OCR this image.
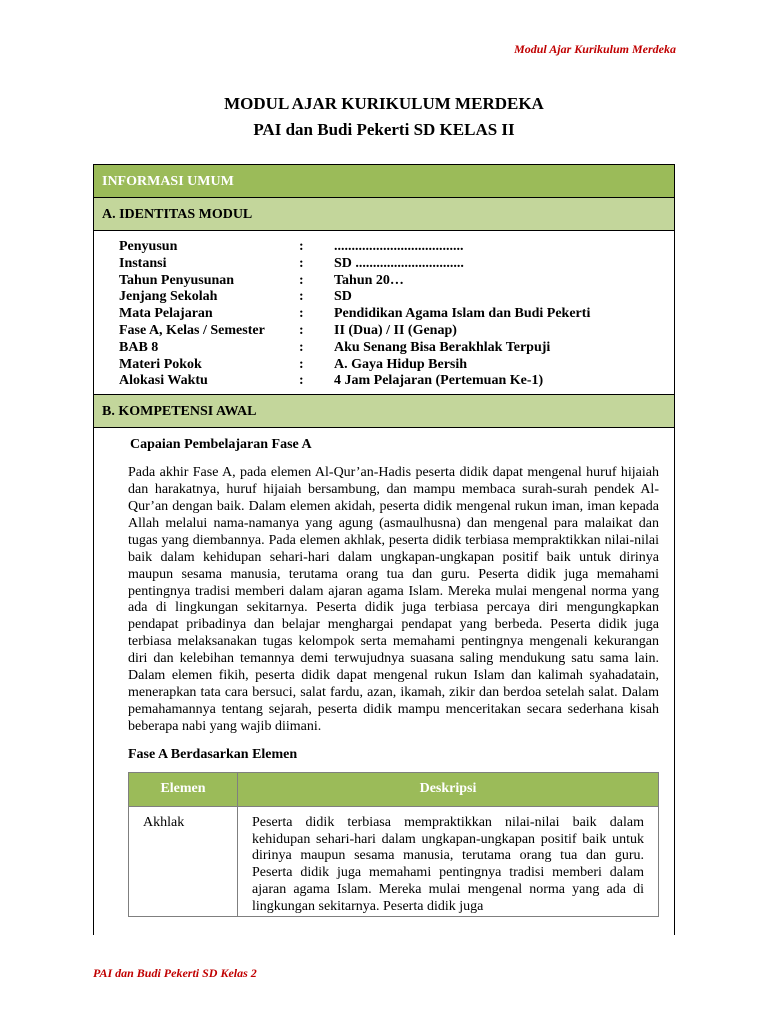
Modul Ajar Kurikulum Merdeka
MODUL AJAR KURIKULUM MERDEKA
PAI dan Budi Pekerti SD KELAS II
INFORMASI UMUM
A. IDENTITAS MODUL
Penyusun	:	.....................................
Instansi	:	SD ...............................
Tahun Penyusunan	:	Tahun 20…
Jenjang Sekolah	:	SD
Mata Pelajaran	:	Pendidikan Agama Islam dan Budi Pekerti
Fase A, Kelas / Semester	:	II (Dua) / II (Genap)
BAB 8	:	Aku Senang Bisa Berakhlak Terpuji
Materi Pokok	:	A. Gaya Hidup Bersih
Alokasi Waktu	:	4 Jam Pelajaran (Pertemuan Ke-1)
B. KOMPETENSI AWAL
Capaian Pembelajaran Fase A
Pada akhir Fase A, pada elemen Al-Qur’an-Hadis peserta didik dapat mengenal huruf hijaiah dan harakatnya, huruf hijaiah bersambung, dan mampu membaca surah-surah pendek Al-Qur’an dengan baik. Dalam elemen akidah, peserta didik mengenal rukun iman, iman kepada Allah melalui nama-namanya yang agung (asmaulhusna) dan mengenal para malaikat dan tugas yang diembannya. Pada elemen akhlak, peserta didik terbiasa mempraktikkan nilai-nilai baik dalam kehidupan sehari-hari dalam ungkapan-ungkapan positif baik untuk dirinya maupun sesama manusia, terutama orang tua dan guru. Peserta didik juga memahami pentingnya tradisi memberi dalam ajaran agama Islam. Mereka mulai mengenal norma yang ada di lingkungan sekitarnya. Peserta didik juga terbiasa percaya diri mengungkapkan pendapat pribadinya dan belajar menghargai pendapat yang berbeda. Peserta didik juga terbiasa melaksanakan tugas kelompok serta memahami pentingnya mengenali kekurangan diri dan kelebihan temannya demi terwujudnya suasana saling mendukung satu sama lain. Dalam elemen fikih, peserta didik dapat mengenal rukun Islam dan kalimah syahadatain, menerapkan tata cara bersuci, salat fardu, azan, ikamah, zikir dan berdoa setelah salat. Dalam pemahamannya tentang sejarah, peserta didik mampu menceritakan secara sederhana kisah beberapa nabi yang wajib diimani.
Fase A Berdasarkan Elemen
Elemen	Deskripsi
Akhlak	Peserta didik terbiasa mempraktikkan nilai-nilai baik dalam kehidupan sehari-hari dalam ungkapan-ungkapan positif baik untuk dirinya maupun sesama manusia, terutama orang tua dan guru. Peserta didik juga memahami pentingnya tradisi memberi dalam ajaran agama Islam. Mereka mulai mengenal norma yang ada di lingkungan sekitarnya. Peserta didik juga
PAI dan Budi Pekerti SD Kelas 2
